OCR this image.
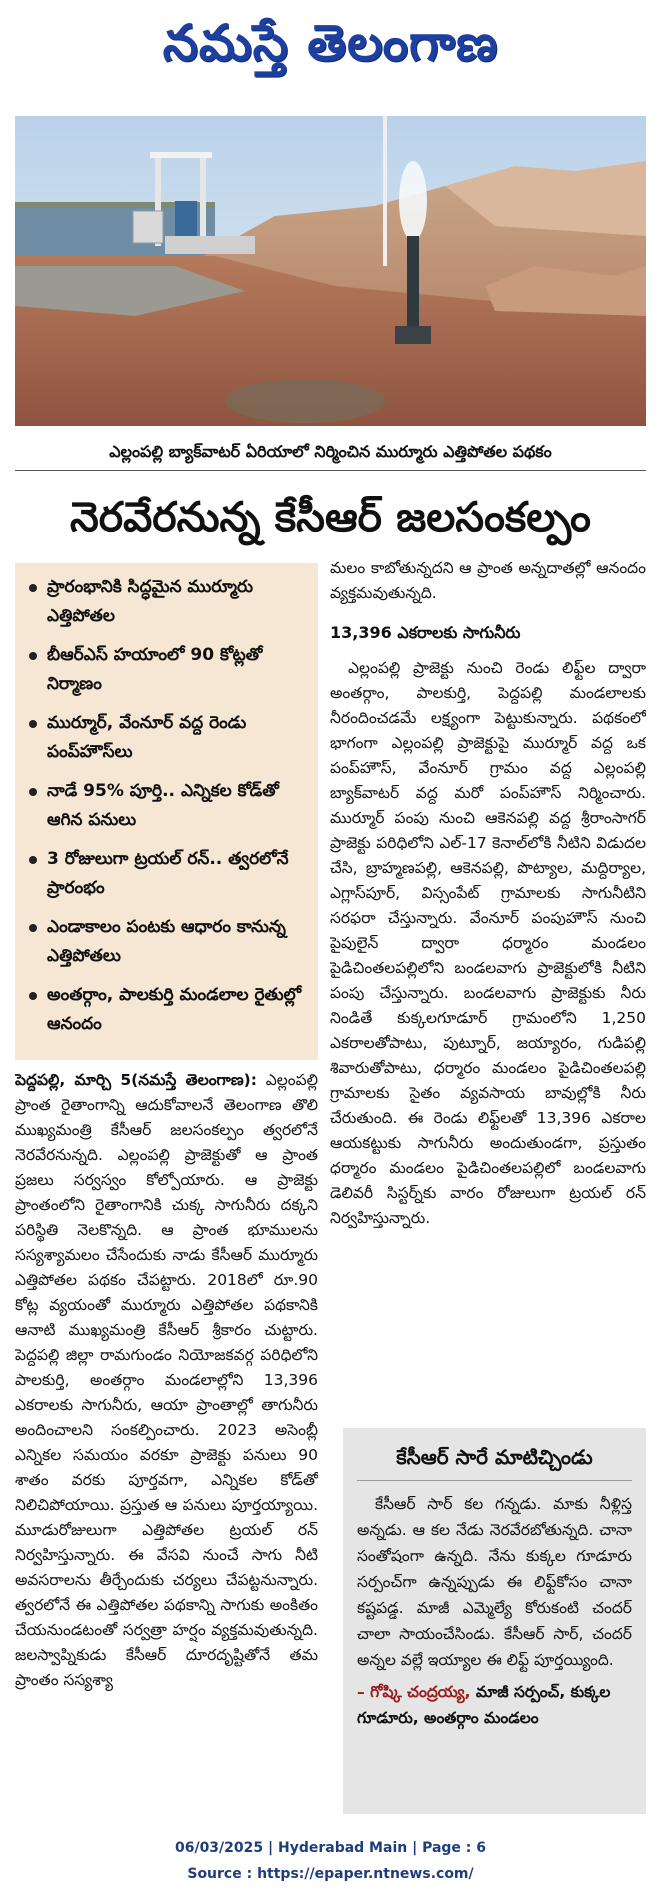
నమస్తే తెలంగాణ
ఎల్లంపల్లి బ్యాక్‌వాటర్ ఏరియాలో నిర్మించిన ముర్మూరు ఎత్తిపోతల పథకం
నెరవేరనున్న కేసీఆర్ జలసంకల్పం
ప్రారంభానికి సిద్ధమైన ముర్మూరు ఎత్తిపోతల
బీఆర్ఎస్ హయాంలో 90 కోట్లతో నిర్మాణం
ముర్మూర్, వేంనూర్ వద్ద రెండు పంప్‌హౌస్‌లు
నాడే 95% పూర్తి.. ఎన్నికల కోడ్‌తో ఆగిన పనులు
3 రోజులుగా ట్రయల్ రన్.. త్వరలోనే ప్రారంభం
ఎండాకాలం పంటకు ఆధారం కానున్న ఎత్తిపోతలు
అంతర్గాం, పాలకుర్తి మండలాల రైతుల్లో ఆనందం
పెద్దపల్లి, మార్చి 5(నమస్తే తెలంగాణ): ఎల్లంపల్లి ప్రాంత రైతాంగాన్ని ఆదుకోవాలనే తెలంగాణ తొలి ముఖ్యమంత్రి కేసీఆర్ జలసంకల్పం త్వరలోనే నెరవేరనున్నది. ఎల్లంపల్లి ప్రాజెక్టుతో ఆ ప్రాంత ప్రజలు సర్వస్వం కోల్పోయారు. ఆ ప్రాజెక్టు ప్రాంతంలోని రైతాంగానికి చుక్క సాగునీరు దక్కని పరిస్థితి నెలకొన్నది. ఆ ప్రాంత భూములను సస్యశ్యామలం చేసేందుకు నాడు కేసీఆర్ ముర్మూరు ఎత్తిపోతల పథకం చేపట్టారు. 2018లో రూ.90 కోట్ల వ్యయంతో ముర్మూరు ఎత్తిపోతల పథకానికి ఆనాటి ముఖ్యమంత్రి కేసీఆర్ శ్రీకారం చుట్టారు. పెద్దపల్లి జిల్లా రామగుండం నియోజకవర్గ పరిధిలోని పాలకుర్తి, అంతర్గాం మండలాల్లోని 13,396 ఎకరాలకు సాగునీరు, ఆయా ప్రాంతాల్లో తాగునీరు అందించాలని సంకల్పించారు. 2023 అసెంబ్లీ ఎన్నికల సమయం వరకూ ప్రాజెక్టు పనులు 90 శాతం వరకు పూర్తవగా, ఎన్నికల కోడ్‌తో నిలిచిపోయాయి. ప్రస్తుత ఆ పనులు పూర్తయ్యాయి. మూడురోజులుగా ఎత్తిపోతల ట్రయల్ రన్ నిర్వహిస్తున్నారు. ఈ వేసవి నుంచే సాగు నీటి అవసరాలను తీర్చేందుకు చర్యలు చేపట్టనున్నారు. త్వరలోనే ఈ ఎత్తిపోతల పథకాన్ని సాగుకు అంకితం చేయనుండటంతో సర్వత్రా హర్షం వ్యక్తమవుతున్నది. జలస్వాప్నికుడు కేసీఆర్ దూరదృష్టితోనే తమ ప్రాంతం సస్యశ్యా

మలం కాబోతున్నదని ఆ ప్రాంత అన్నదాతల్లో ఆనందం వ్యక్తమవుతున్నది.

13,396 ఎకరాలకు సాగునీరు

ఎల్లంపల్లి ప్రాజెక్టు నుంచి రెండు లిఫ్ట్‌ల ద్వారా అంతర్గాం, పాలకుర్తి, పెద్దపల్లి మండలాలకు నీరందించడమే లక్ష్యంగా పెట్టుకున్నారు. పథకంలో భాగంగా ఎల్లంపల్లి ప్రాజెక్టుపై ముర్మూర్ వద్ద ఒక పంప్‌హౌస్, వేంనూర్ గ్రామం వద్ద ఎల్లంపల్లి బ్యాక్‌వాటర్ వద్ద మరో పంప్‌హౌస్ నిర్మించారు. ముర్మూర్ పంపు నుంచి ఆకెనపల్లి వద్ద శ్రీరాంసాగర్ ప్రాజెక్టు పరిధిలోని ఎల్-17 కెనాల్‌లోకి నీటిని విడుదల చేసి, బ్రాహ్మణపల్లి, ఆకెనపల్లి, పొట్యాల, మద్దిర్యాల, ఎగ్లాస్‌పూర్, విస్సంపేట్ గ్రామాలకు సాగునీటిని సరఫరా చేస్తున్నారు. వేంనూర్ పంపుహౌస్ నుంచి పైపులైన్ ద్వారా ధర్మారం మండలం పైడిచింతలపల్లిలోని బండలవాగు ప్రాజెక్టులోకి నీటిని పంపు చేస్తున్నారు. బండలవాగు ప్రాజెక్టుకు నీరు నిండితే కుక్కలగూడూర్ గ్రామంలోని 1,250 ఎకరాలతోపాటు, పుట్నూర్, జయ్యారం, గుడిపల్లి శివారుతోపాటు, ధర్మారం మండలం పైడిచింతలపల్లి గ్రామాలకు సైతం వ్యవసాయ బావుల్లోకి నీరు చేరుతుంది. ఈ రెండు లిఫ్ట్‌లతో 13,396 ఎకరాల ఆయకట్టుకు సాగునీరు అందుతుండగా, ప్రస్తుతం ధర్మారం మండలం పైడిచింతలపల్లిలో బండలవాగు డెలివరీ సిస్టర్న్‌కు వారం రోజులుగా ట్రయల్ రన్ నిర్వహిస్తున్నారు.

కేసీఆర్ సారే మాటిచ్చిండు
కేసీఆర్ సార్ కల గన్నడు. మాకు నీళ్లిస్త అన్నడు. ఆ కల నేడు నెరవేరబోతున్నది. చానా సంతోషంగా ఉన్నది. నేను కుక్కల గూడూరు సర్పంచ్‌గా ఉన్నప్పుడు ఈ లిఫ్ట్‌కోసం చానా కష్టపడ్డ. మాజీ ఎమ్మెల్యే కోరుకంటి చందర్ చాలా సాయంచేసిండు. కేసీఆర్ సార్, చందర్ అన్నల వల్లే ఇయ్యాల ఈ లిఫ్ట్ పూర్తయ్యింది.
– గోష్కి చంద్రయ్య, మాజీ సర్పంచ్, కుక్కల గూడూరు, అంతర్గాం మండలం
06/03/2025 | Hyderabad Main | Page : 6
Source : https://epaper.ntnews.com/
